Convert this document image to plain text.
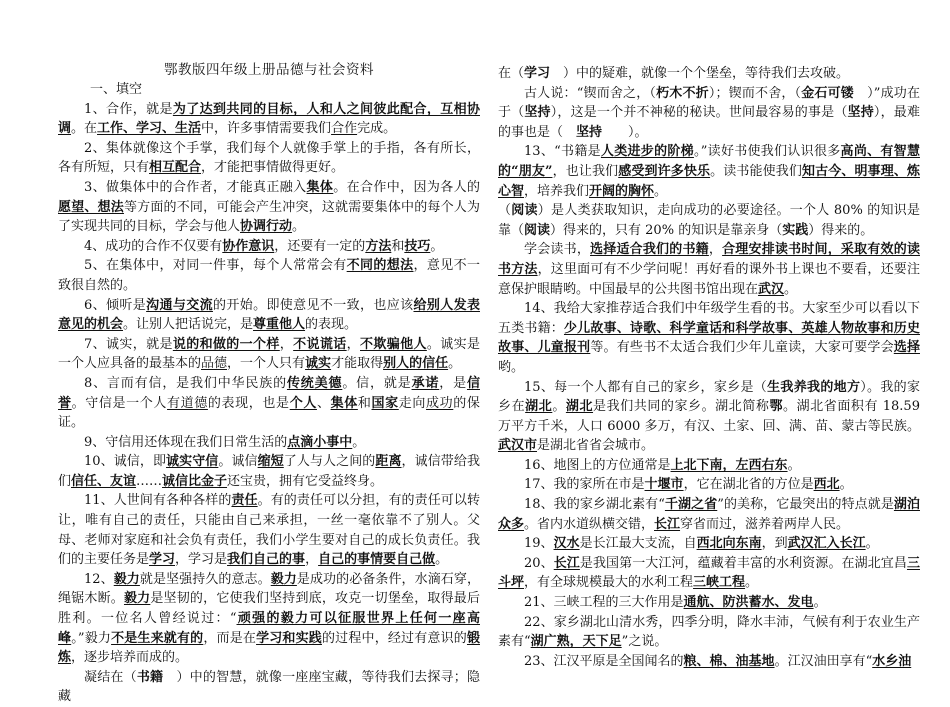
鄂教版四年级上册品德与社会资料
一、填空

1、合作，就是为了达到共同的目标，人和人之间彼此配合，互相协调。在工作、学习、生活中，许多事情需要我们合作完成。

2、集体就像这个手掌，我们每个人就像手掌上的手指，各有所长，各有所短，只有相互配合，才能把事情做得更好。

3、做集体中的合作者，才能真正融入集体。在合作中，因为各人的愿望、想法等方面的不同，可能会产生冲突，这就需要集体中的每个人为了实现共同的目标，学会与他人协调行动。

4、成功的合作不仅要有协作意识，还要有一定的方法和技巧。

5、在集体中，对同一件事，每个人常常会有不同的想法，意见不一致很自然的。

6、倾听是沟通与交流的开始。即使意见不一致，也应该给别人发表意见的机会。让别人把话说完，是尊重他人的表现。

7、诚实，就是说的和做的一个样，不说谎话，不欺骗他人。诚实是一个人应具备的最基本的品德，一个人只有诚实才能取得别人的信任。

8、言而有信，是我们中华民族的传统美德。信，就是承诺，是信誉。守信是一个人有道德的表现，也是个人、集体和国家走向成功的保证。

9、守信用还体现在我们日常生活的点滴小事中。

10、诚信，即诚实守信。诚信缩短了人与人之间的距离，诚信带给我们信任、友谊……诚信比金子还宝贵，拥有它受益终身。

11、人世间有各种各样的责任。有的责任可以分担，有的责任可以转让，唯有自己的责任，只能由自己来承担，一丝一毫依靠不了别人。父母、老师对家庭和社会负有责任，我们小学生要对自己的成长负责任。我们的主要任务是学习，学习是我们自己的事，自己的事情要自己做。

12、毅力就是坚强持久的意志。毅力是成功的必备条件，水滴石穿，绳锯木断。毅力是坚韧的，它使我们坚持到底，攻克一切堡垒，取得最后胜利。一位名人曾经说过：“顽强的毅力可以征服世界上任何一座高峰。”毅力不是生来就有的，而是在学习和实践的过程中，经过有意识的锻炼，逐步培养而成的。

凝结在（书籍　）中的智慧，就像一座座宝藏，等待我们去探寻；隐藏

在（学习　）中的疑难，就像一个个堡垒，等待我们去攻破。

古人说：“锲而舍之，（朽木不折）；锲而不舍，（金石可镂　）”成功在于（坚持），这是一个并不神秘的秘诀。世间最容易的事是（坚持），最难的事也是（　坚持　　）。

13、“书籍是人类进步的阶梯。”读好书使我们认识很多高尚、有智慧的“朋友”，也让我们感受到许多快乐。读书能使我们知古今、明事理、炼心智，培养我们开阔的胸怀。

（阅读）是人类获取知识，走向成功的必要途径。一个人 80% 的知识是靠（阅读）得来的，只有 20% 的知识是靠亲身（实践）得来的。

学会读书，选择适合我们的书籍，合理安排读书时间，采取有效的读书方法，这里面可有不少学问呢！再好看的课外书上课也不要看，还要注意保护眼睛哟。中国最早的公共图书馆出现在武汉。

14、我给大家推荐适合我们中年级学生看的书。大家至少可以看以下五类书籍：少儿故事、诗歌、科学童话和科学故事、英雄人物故事和历史故事、儿童报刊等。有些书不太适合我们少年儿童读，大家可要学会选择哟。

15、每一个人都有自己的家乡，家乡是（生我养我的地方）。我的家乡在湖北。湖北是我们共同的家乡。湖北简称鄂。湖北省面积有 18.59 万平方千米，人口 6000 多万，有汉、土家、回、满、苗、蒙古等民族。武汉市是湖北省省会城市。

16、地图上的方位通常是上北下南，左西右东。

17、我的家所在市是十堰市，它在湖北省的方位是西北。

18、我的家乡湖北素有“千湖之省”的美称，它最突出的特点就是湖泊众多。省内水道纵横交错，长江穿省而过，滋养着两岸人民。

19、汉水是长江最大支流，自西北向东南，到武汉汇入长江。

20、长江是我国第一大江河，蕴藏着丰富的水利资源。在湖北宜昌三斗坪，有全球规模最大的水利工程三峡工程。

21、三峡工程的三大作用是通航、防洪蓄水、发电。

22、家乡湖北山清水秀，四季分明，降水丰沛，气候有利于农业生产素有“湖广熟，天下足”之说。

23、江汉平原是全国闻名的粮、棉、油基地。江汉油田享有“水乡油
